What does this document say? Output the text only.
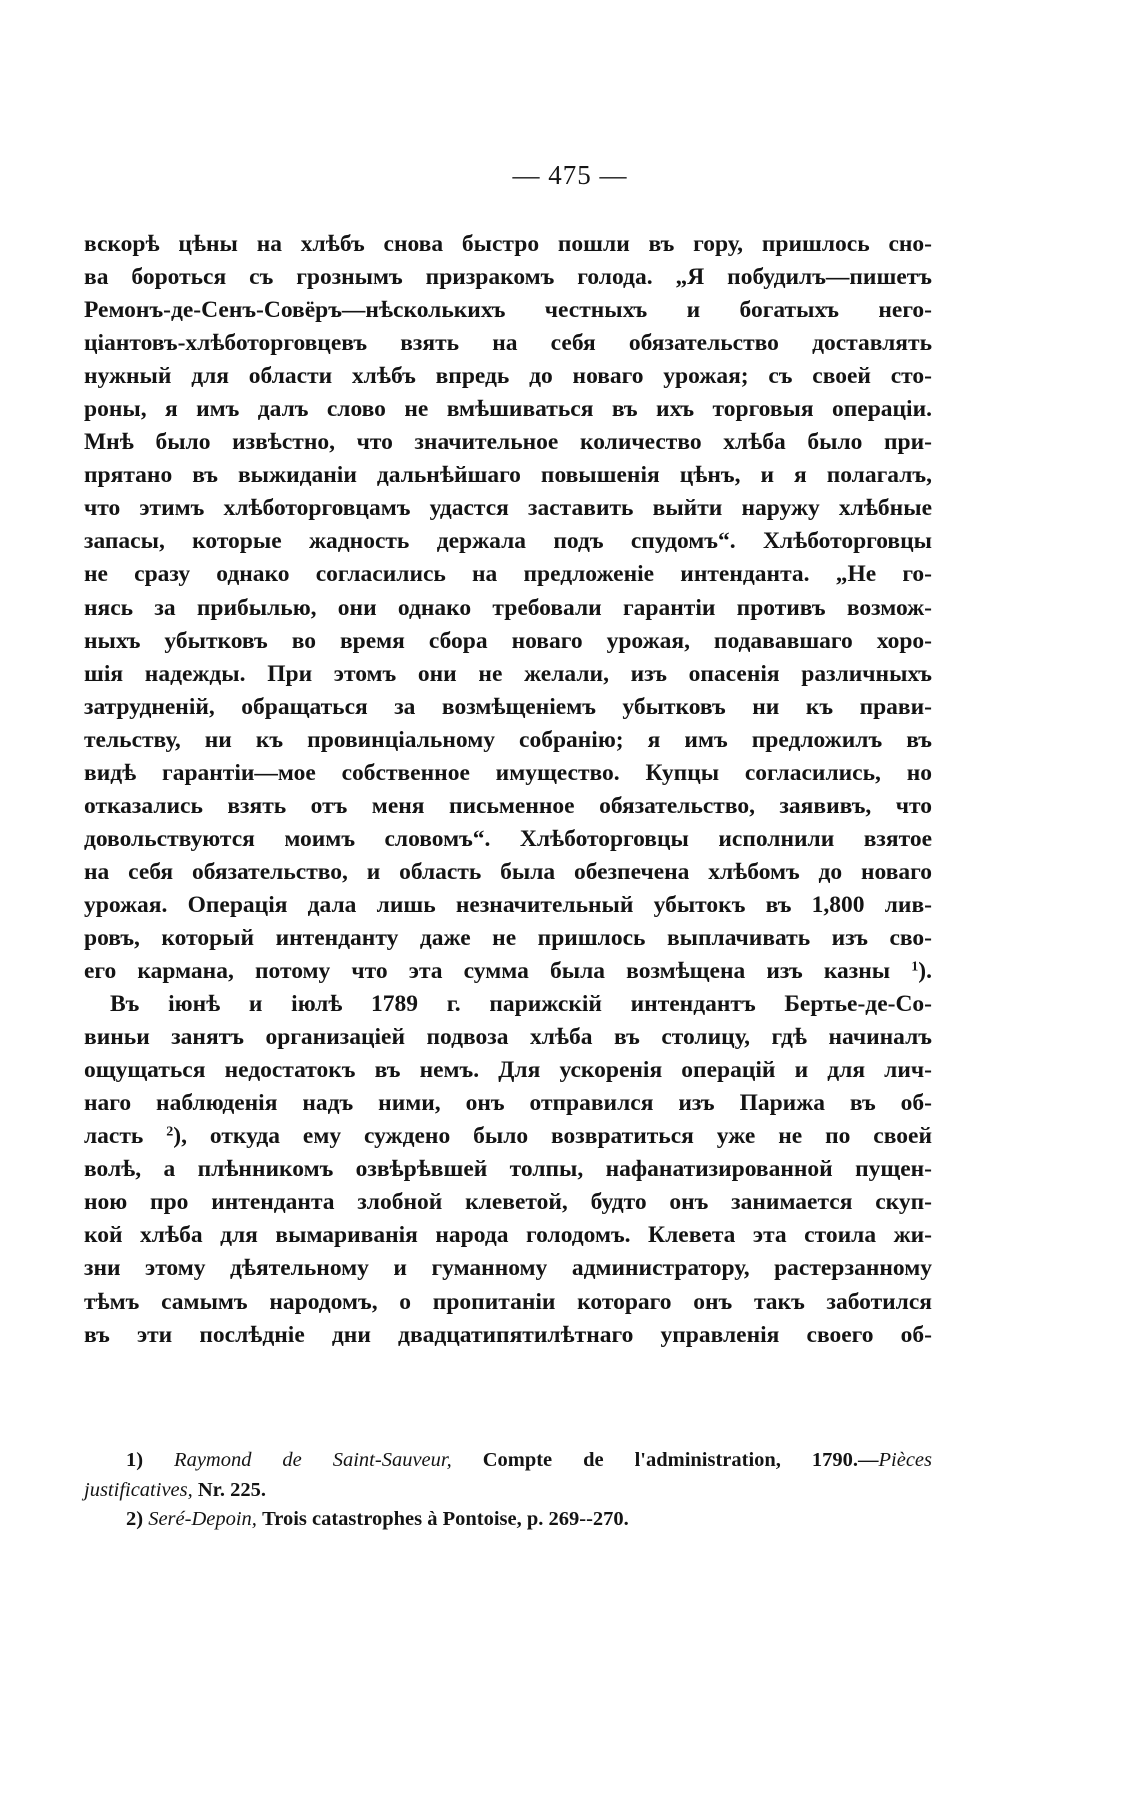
— 475 —
вскорѣ цѣны на хлѣбъ снова быстро пошли въ гору, пришлось сно-
ва бороться съ грознымъ призракомъ голода. „Я побудилъ—пишетъ
Ремонъ-де-Сенъ-Совёръ—нѣсколькихъ честныхъ и богатыхъ него-
ціантовъ-хлѣботорговцевъ взять на себя обязательство доставлять
нужный для области хлѣбъ впредь до новаго урожая; съ своей сто-
роны, я имъ далъ слово не вмѣшиваться въ ихъ торговыя операціи.
Мнѣ было извѣстно, что значительное количество хлѣба было при-
прятано въ выжиданіи дальнѣйшаго повышенія цѣнъ, и я полагалъ,
что этимъ хлѣботорговцамъ удастся заставить выйти наружу хлѣбные
запасы, которые жадность держала подъ спудомъ“. Хлѣботорговцы
не сразу однако согласились на предложеніе интенданта. „Не го-
нясь за прибылью, они однако требовали гарантіи противъ возмож-
ныхъ убытковъ во время сбора новаго урожая, подававшаго хоро-
шія надежды. При этомъ они не желали, изъ опасенія различныхъ
затрудненій, обращаться за возмѣщеніемъ убытковъ ни къ прави-
тельству, ни къ провинціальному собранію; я имъ предложилъ въ
видѣ гарантіи—мое собственное имущество. Купцы согласились, но
отказались взять отъ меня письменное обязательство, заявивъ, что
довольствуются моимъ словомъ“. Хлѣботорговцы исполнили взятое
на себя обязательство, и область была обезпечена хлѣбомъ до новаго
урожая. Операція дала лишь незначительный убытокъ въ 1,800 лив-
ровъ, который интенданту даже не пришлось выплачивать изъ сво-
его кармана, потому что эта сумма была возмѣщена изъ казны $^1$).
Въ іюнѣ и іюлѣ 1789 г. парижскій интендантъ Бертье-де-Со-
виньи занятъ организаціей подвоза хлѣба въ столицу, гдѣ начиналъ
ощущаться недостатокъ въ немъ. Для ускоренія операцій и для лич-
наго наблюденія надъ ними, онъ отправился изъ Парижа въ об-
ласть $^2$), откуда ему суждено было возвратиться уже не по своей
волѣ, а плѣнникомъ озвѣрѣвшей толпы, нафанатизированной пущен-
ною про интенданта злобной клеветой, будто онъ занимается скуп-
кой хлѣба для вымариванія народа голодомъ. Клевета эта стоила жи-
зни этому дѣятельному и гуманному администратору, растерзанному
тѣмъ самымъ народомъ, о пропитаніи котораго онъ такъ заботился
въ эти послѣдніе дни двадцатипятилѣтнаго управленія своего об-
1) Raymond de Saint-Sauveur, Compte de l'administration, 1790.—Pièces
justificatives, Nr. 225.
2) Seré-Depoin, Trois catastrophes à Pontoise, p. 269--270.
